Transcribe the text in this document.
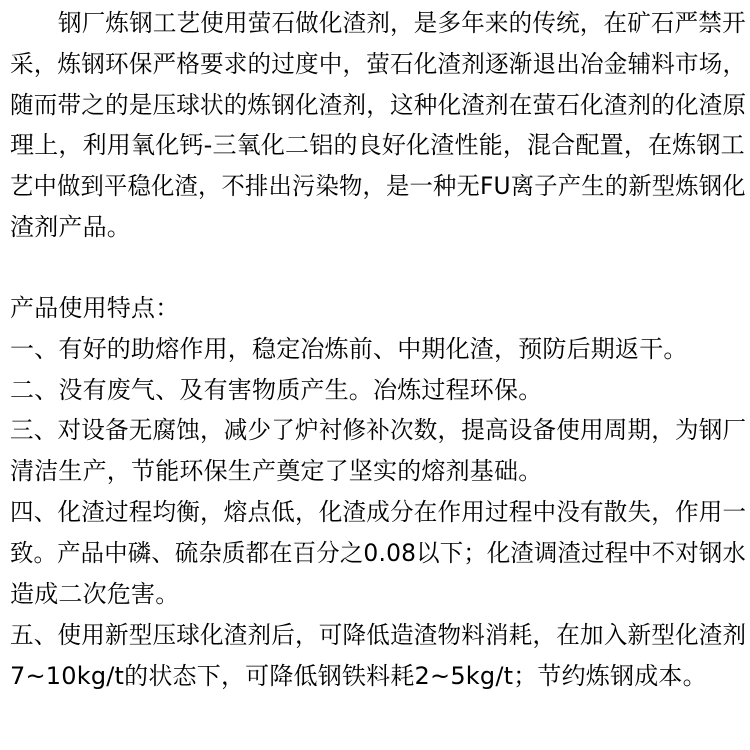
钢厂炼钢工艺使用萤石做化渣剂，是多年来的传统，在矿石严禁开
采，炼钢环保严格要求的过度中，萤石化渣剂逐渐退出冶金辅料市场，
随而带之的是压球状的炼钢化渣剂，这种化渣剂在萤石化渣剂的化渣原
理上，利用氧化钙-三氧化二铝的良好化渣性能，混合配置，在炼钢工
艺中做到平稳化渣，不排出污染物，是一种无FU离子产生的新型炼钢化
渣剂产品。
产品使用特点：
一、有好的助熔作用，稳定冶炼前、中期化渣，预防后期返干。
二、没有废气、及有害物质产生。冶炼过程环保。
三、对设备无腐蚀，减少了炉衬修补次数，提高设备使用周期，为钢厂
清洁生产，节能环保生产奠定了坚实的熔剂基础。
四、化渣过程均衡，熔点低，化渣成分在作用过程中没有散失，作用一
致。产品中磷、硫杂质都在百分之0.08以下；化渣调渣过程中不对钢水
造成二次危害。
五、使用新型压球化渣剂后，可降低造渣物料消耗，在加入新型化渣剂
7~10kg/t的状态下，可降低钢铁料耗2~5kg/t；节约炼钢成本。
